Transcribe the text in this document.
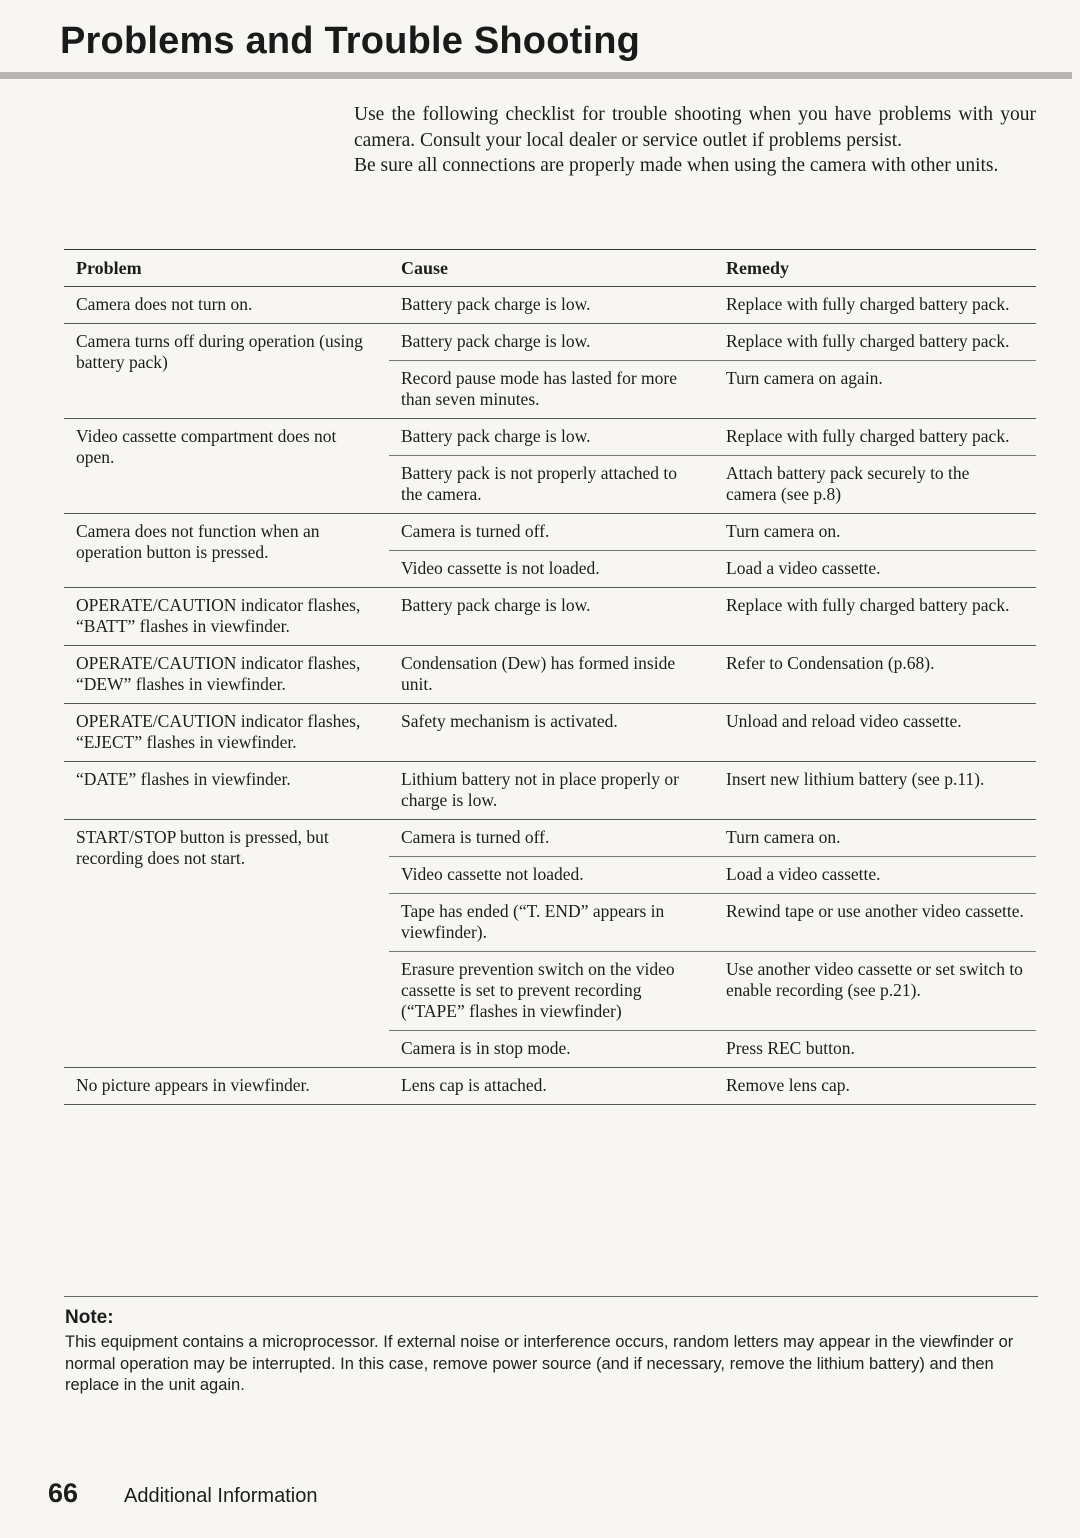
Problems and Trouble Shooting

Use the following checklist for trouble shooting when you have problems with your camera. Consult your local dealer or service outlet if problems persist.

Be sure all connections are properly made when using the camera with other units.

Problem	Cause	Remedy
Camera does not turn on.	Battery pack charge is low.	Replace with fully charged battery pack.
Camera turns off during operation (using battery pack)	Battery pack charge is low.	Replace with fully charged battery pack.
	Record pause mode has lasted for more than seven minutes.	Turn camera on again.
Video cassette compartment does not open.	Battery pack charge is low.	Replace with fully charged battery pack.
	Battery pack is not properly attached to the camera.	Attach battery pack securely to the camera (see p.8)
Camera does not function when an operation button is pressed.	Camera is turned off.	Turn camera on.
	Video cassette is not loaded.	Load a video cassette.
OPERATE/CAUTION indicator flashes, “BATT” flashes in viewfinder.	Battery pack charge is low.	Replace with fully charged battery pack.
OPERATE/CAUTION indicator flashes, “DEW” flashes in viewfinder.	Condensation (Dew) has formed inside unit.	Refer to Condensation (p.68).
OPERATE/CAUTION indicator flashes, “EJECT” flashes in viewfinder.	Safety mechanism is activated.	Unload and reload video cassette.
“DATE” flashes in viewfinder.	Lithium battery not in place properly or charge is low.	Insert new lithium battery (see p.11).
START/STOP button is pressed, but recording does not start.	Camera is turned off.	Turn camera on.
	Video cassette not loaded.	Load a video cassette.
	Tape has ended (“T. END” appears in viewfinder).	Rewind tape or use another video cassette.
	Erasure prevention switch on the video cassette is set to prevent recording (“TAPE” flashes in viewfinder)	Use another video cassette or set switch to enable recording (see p.21).
	Camera is in stop mode.	Press REC button.
No picture appears in viewfinder.	Lens cap is attached.	Remove lens cap.
Note:
This equipment contains a microprocessor. If external noise or interference occurs, random letters may appear in the viewfinder or normal operation may be interrupted. In this case, remove power source (and if necessary, remove the lithium battery) and then replace in the unit again.
66 Additional Information
